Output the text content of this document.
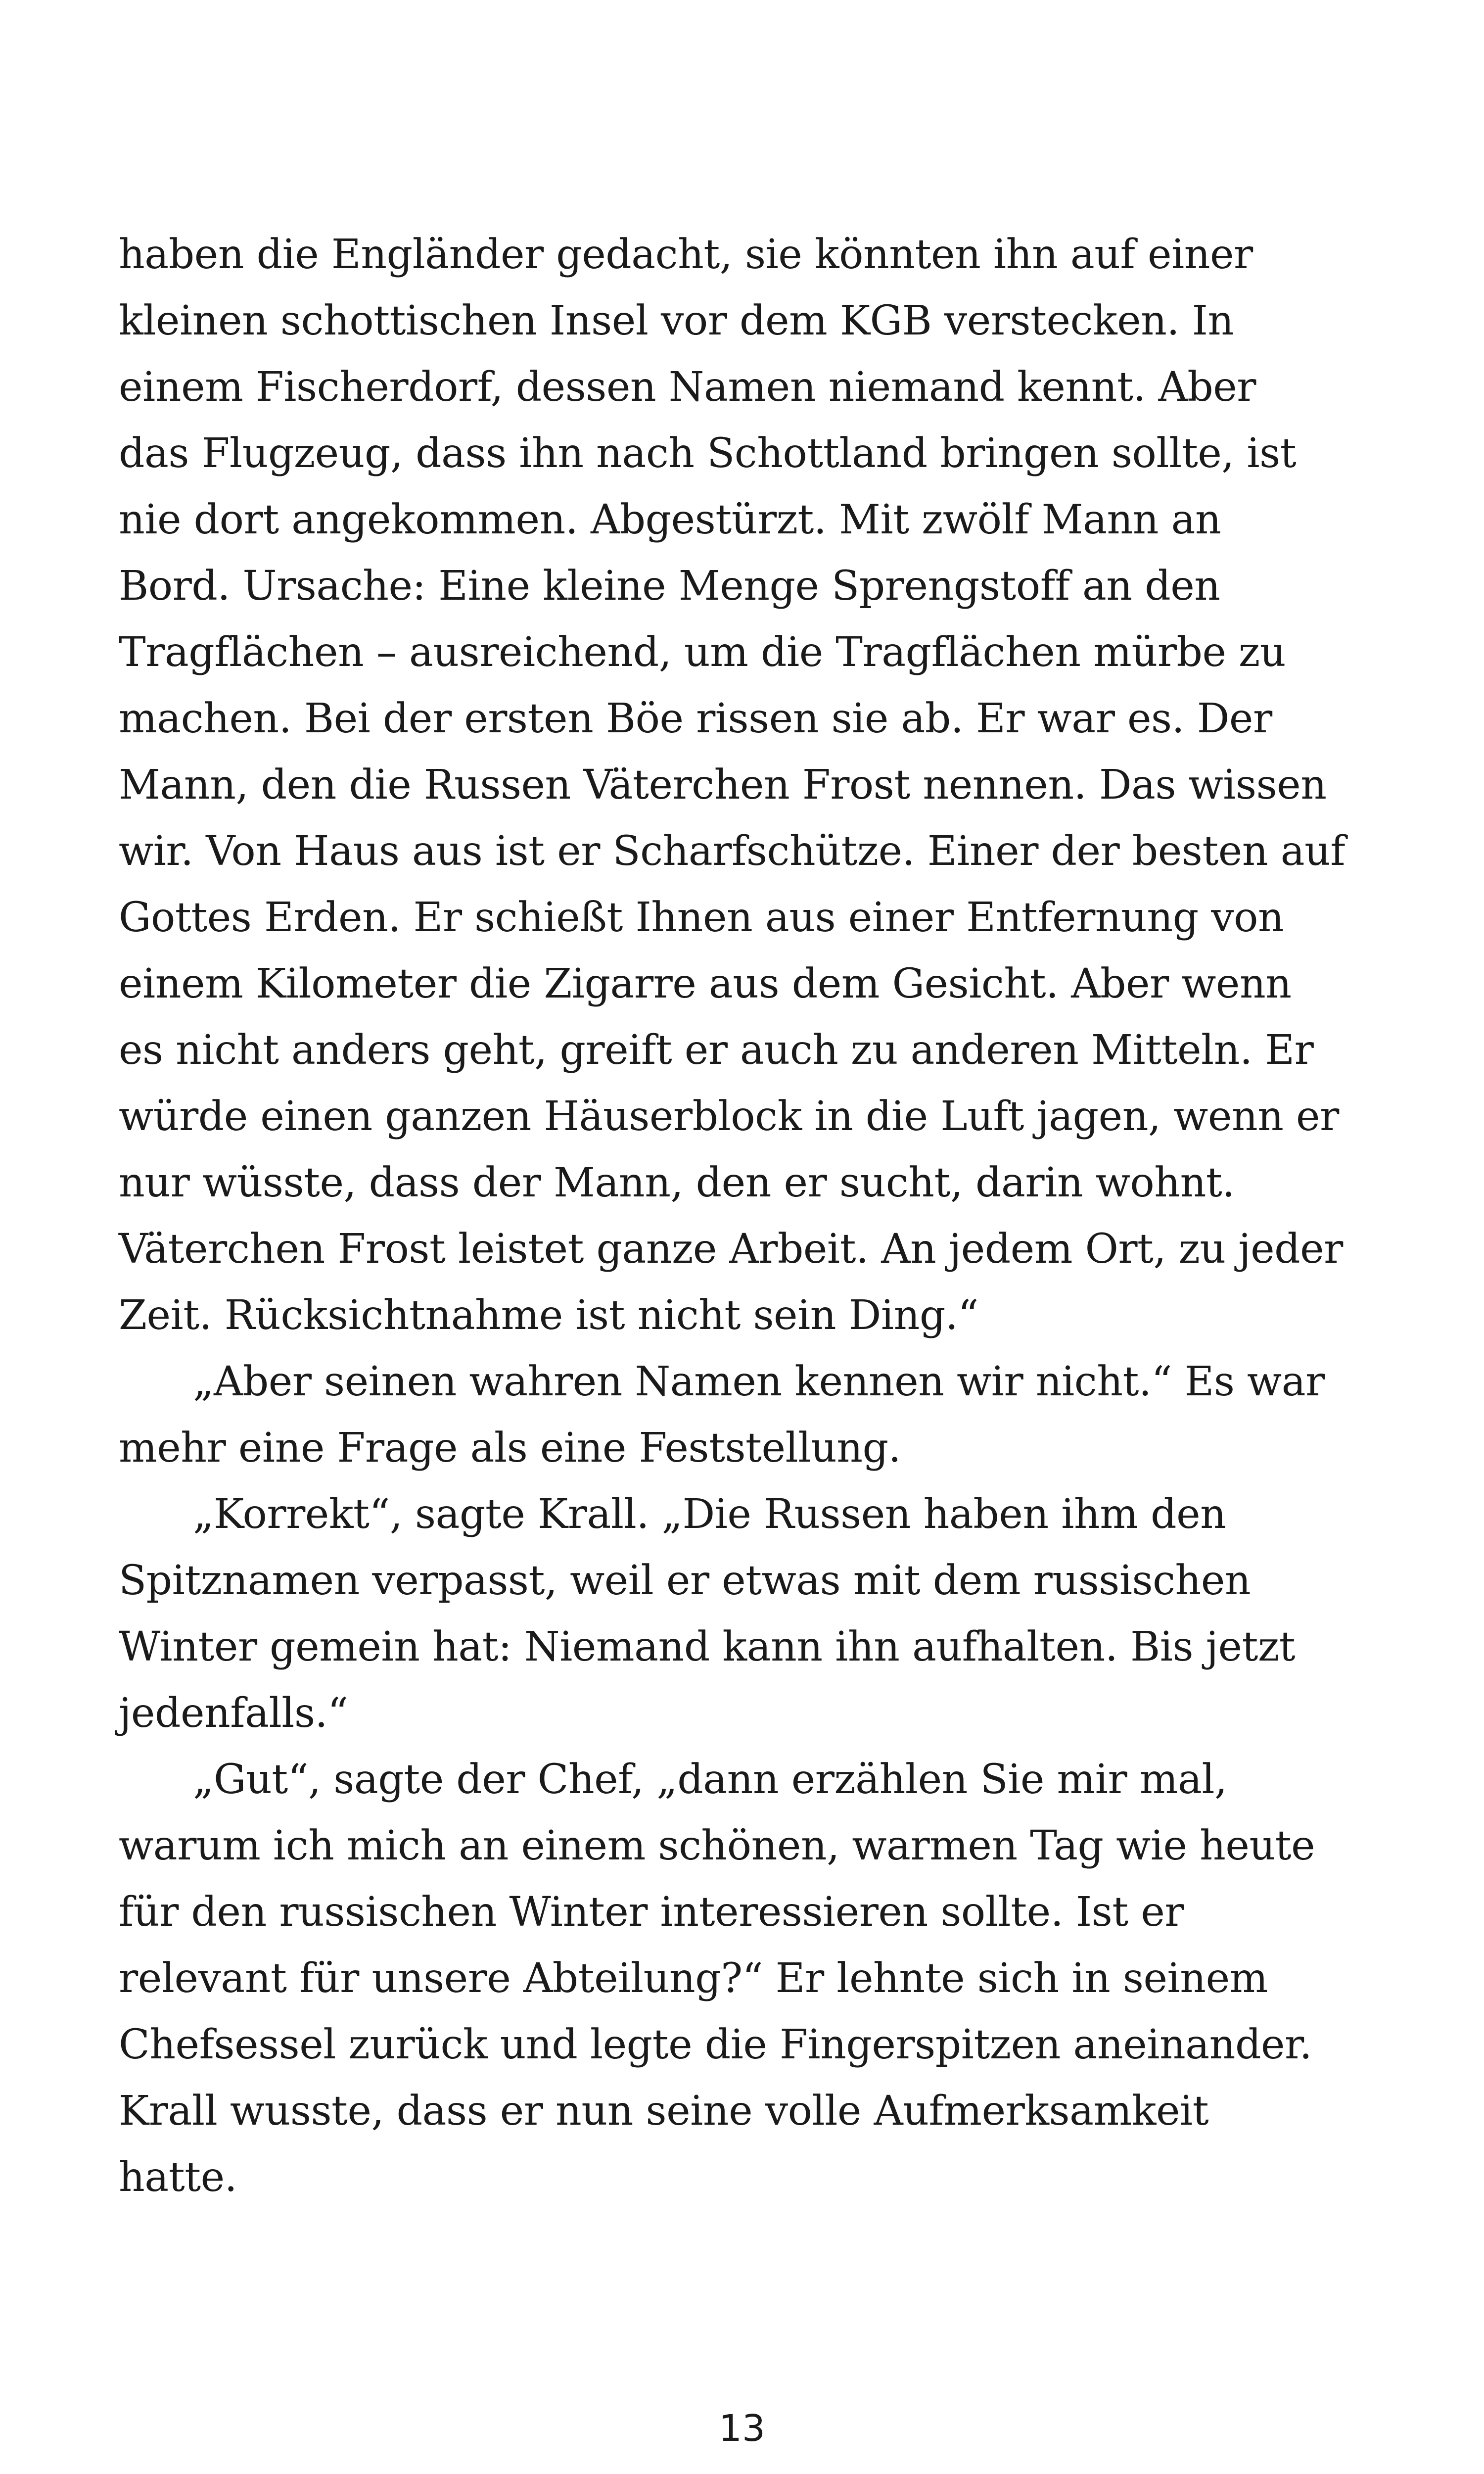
haben die Engländer gedacht, sie könnten ihn auf einer
kleinen schottischen Insel vor dem KGB verstecken. In
einem Fischerdorf, dessen Namen niemand kennt. Aber
das Flugzeug, dass ihn nach Schottland bringen sollte, ist
nie dort angekommen. Abgestürzt. Mit zwölf Mann an
Bord. Ursache: Eine kleine Menge Sprengstoff an den
Tragflächen – ausreichend, um die Tragflächen mürbe zu
machen. Bei der ersten Böe rissen sie ab. Er war es. Der
Mann, den die Russen Väterchen Frost nennen. Das wissen
wir. Von Haus aus ist er Scharfschütze. Einer der besten auf
Gottes Erden. Er schießt Ihnen aus einer Entfernung von
einem Kilometer die Zigarre aus dem Gesicht. Aber wenn
es nicht anders geht, greift er auch zu anderen Mitteln. Er
würde einen ganzen Häuserblock in die Luft jagen, wenn er
nur wüsste, dass der Mann, den er sucht, darin wohnt.
Väterchen Frost leistet ganze Arbeit. An jedem Ort, zu jeder
Zeit. Rücksichtnahme ist nicht sein Ding.“
„Aber seinen wahren Namen kennen wir nicht.“ Es war
mehr eine Frage als eine Feststellung.
„Korrekt“, sagte Krall. „Die Russen haben ihm den
Spitznamen verpasst, weil er etwas mit dem russischen
Winter gemein hat: Niemand kann ihn aufhalten. Bis jetzt
jedenfalls.“
„Gut“, sagte der Chef, „dann erzählen Sie mir mal,
warum ich mich an einem schönen, warmen Tag wie heute
für den russischen Winter interessieren sollte. Ist er
relevant für unsere Abteilung?“ Er lehnte sich in seinem
Chefsessel zurück und legte die Fingerspitzen aneinander.
Krall wusste, dass er nun seine volle Aufmerksamkeit
hatte.
13
